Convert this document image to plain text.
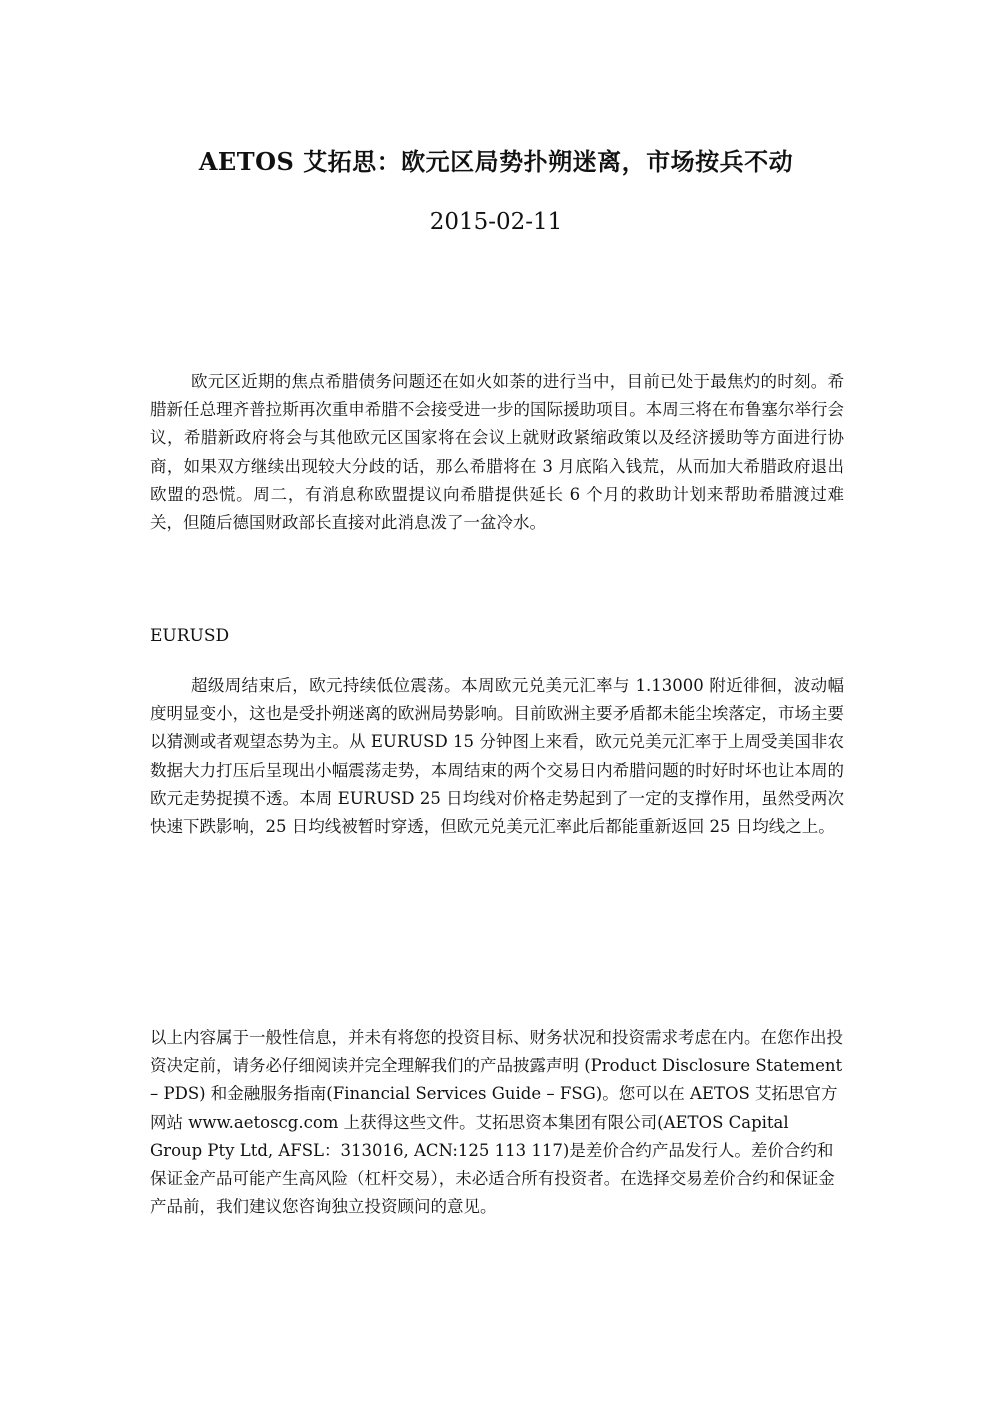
AETOS 艾拓思：欧元区局势扑朔迷离，市场按兵不动
2015-02-11

欧元区近期的焦点希腊债务问题还在如火如荼的进行当中，目前已处于最焦灼的时刻。希腊新任总理齐普拉斯再次重申希腊不会接受进一步的国际援助项目。本周三将在布鲁塞尔举行会议，希腊新政府将会与其他欧元区国家将在会议上就财政紧缩政策以及经济援助等方面进行协商，如果双方继续出现较大分歧的话，那么希腊将在 3 月底陷入钱荒，从而加大希腊政府退出欧盟的恐慌。周二，有消息称欧盟提议向希腊提供延长 6 个月的救助计划来帮助希腊渡过难关，但随后德国财政部长直接对此消息泼了一盆冷水。

EURUSD

超级周结束后，欧元持续低位震荡。本周欧元兑美元汇率与 1.13000 附近徘徊，波动幅度明显变小，这也是受扑朔迷离的欧洲局势影响。目前欧洲主要矛盾都未能尘埃落定，市场主要以猜测或者观望态势为主。从 EURUSD 15 分钟图上来看，欧元兑美元汇率于上周受美国非农数据大力打压后呈现出小幅震荡走势，本周结束的两个交易日内希腊问题的时好时坏也让本周的欧元走势捉摸不透。本周 EURUSD 25 日均线对价格走势起到了一定的支撑作用，虽然受两次快速下跌影响，25 日均线被暂时穿透，但欧元兑美元汇率此后都能重新返回 25 日均线之上。

以上内容属于一般性信息，并未有将您的投资目标、财务状况和投资需求考虑在内。在您作出投资决定前，请务必仔细阅读并完全理解我们的产品披露声明 (Product Disclosure Statement – PDS) 和金融服务指南(Financial Services Guide – FSG)。您可以在 AETOS 艾拓思官方网站 www.aetoscg.com 上获得这些文件。艾拓思资本集团有限公司(AETOS Capital Group Pty Ltd, AFSL：313016, ACN:125 113 117)是差价合约产品发行人。差价合约和保证金产品可能产生高风险（杠杆交易），未必适合所有投资者。在选择交易差价合约和保证金产品前，我们建议您咨询独立投资顾问的意见。
